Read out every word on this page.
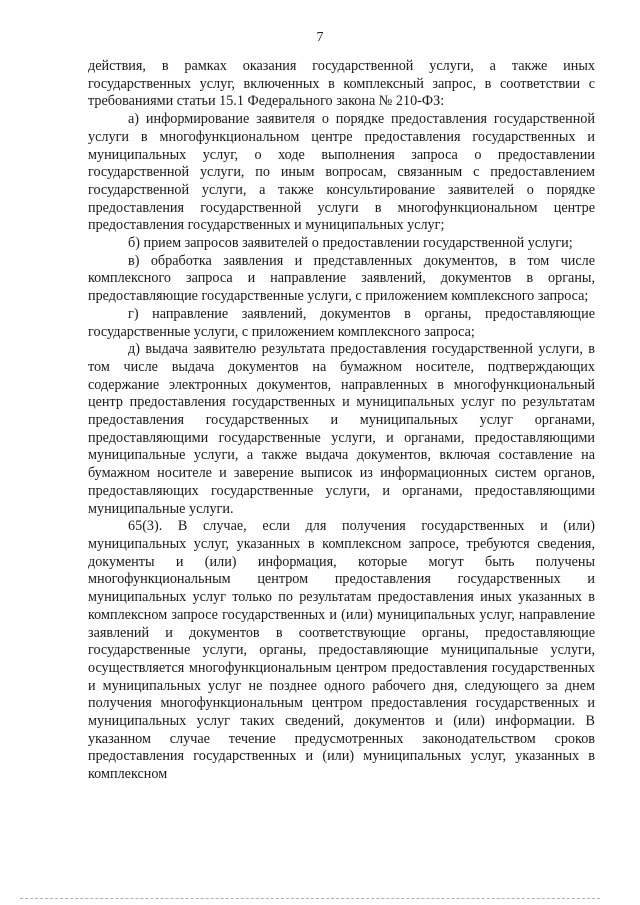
7

действия, в рамках оказания государственной услуги, а также иных государственных услуг, включенных в комплексный запрос, в соответствии с требованиями статьи 15.1 Федерального закона № 210-ФЗ:

а) информирование заявителя о порядке предоставления государственной услуги в многофункциональном центре предоставления государственных и муниципальных услуг, о ходе выполнения запроса о предоставлении государственной услуги, по иным вопросам, связанным с предоставлением государственной услуги, а также консультирование заявителей о порядке предоставления государственной услуги в многофункциональном центре предоставления государственных и муниципальных услуг;

б) прием запросов заявителей о предоставлении государственной услуги;

в) обработка заявления и представленных документов, в том числе комплексного запроса и направление заявлений, документов в органы, предоставляющие государственные услуги, с приложением комплексного запроса;

г) направление заявлений, документов в органы, предоставляющие государственные услуги, с приложением комплексного запроса;

д) выдача заявителю результата предоставления государственной услуги, в том числе выдача документов на бумажном носителе, подтверждающих содержание электронных документов, направленных в многофункциональный центр предоставления государственных и муниципальных услуг по результатам предоставления государственных и муниципальных услуг органами, предоставляющими государственные услуги, и органами, предоставляющими муниципальные услуги, а также выдача документов, включая составление на бумажном носителе и заверение выписок из информационных систем органов, предоставляющих государственные услуги, и органами, предоставляющими муниципальные услуги.

65(3). В случае, если для получения государственных и (или) муниципальных услуг, указанных в комплексном запросе, требуются сведения, документы и (или) информация, которые могут быть получены многофункциональным центром предоставления государственных и муниципальных услуг только по результатам предоставления иных указанных в комплексном запросе государственных и (или) муниципальных услуг, направление заявлений и документов в соответствующие органы, предоставляющие государственные услуги, органы, предоставляющие муниципальные услуги, осуществляется многофункциональным центром предоставления государственных и муниципальных услуг не позднее одного рабочего дня, следующего за днем получения многофункциональным центром предоставления государственных и муниципальных услуг таких сведений, документов и (или) информации. В указанном случае течение предусмотренных законодательством сроков предоставления государственных и (или) муниципальных услуг, указанных в комплексном
